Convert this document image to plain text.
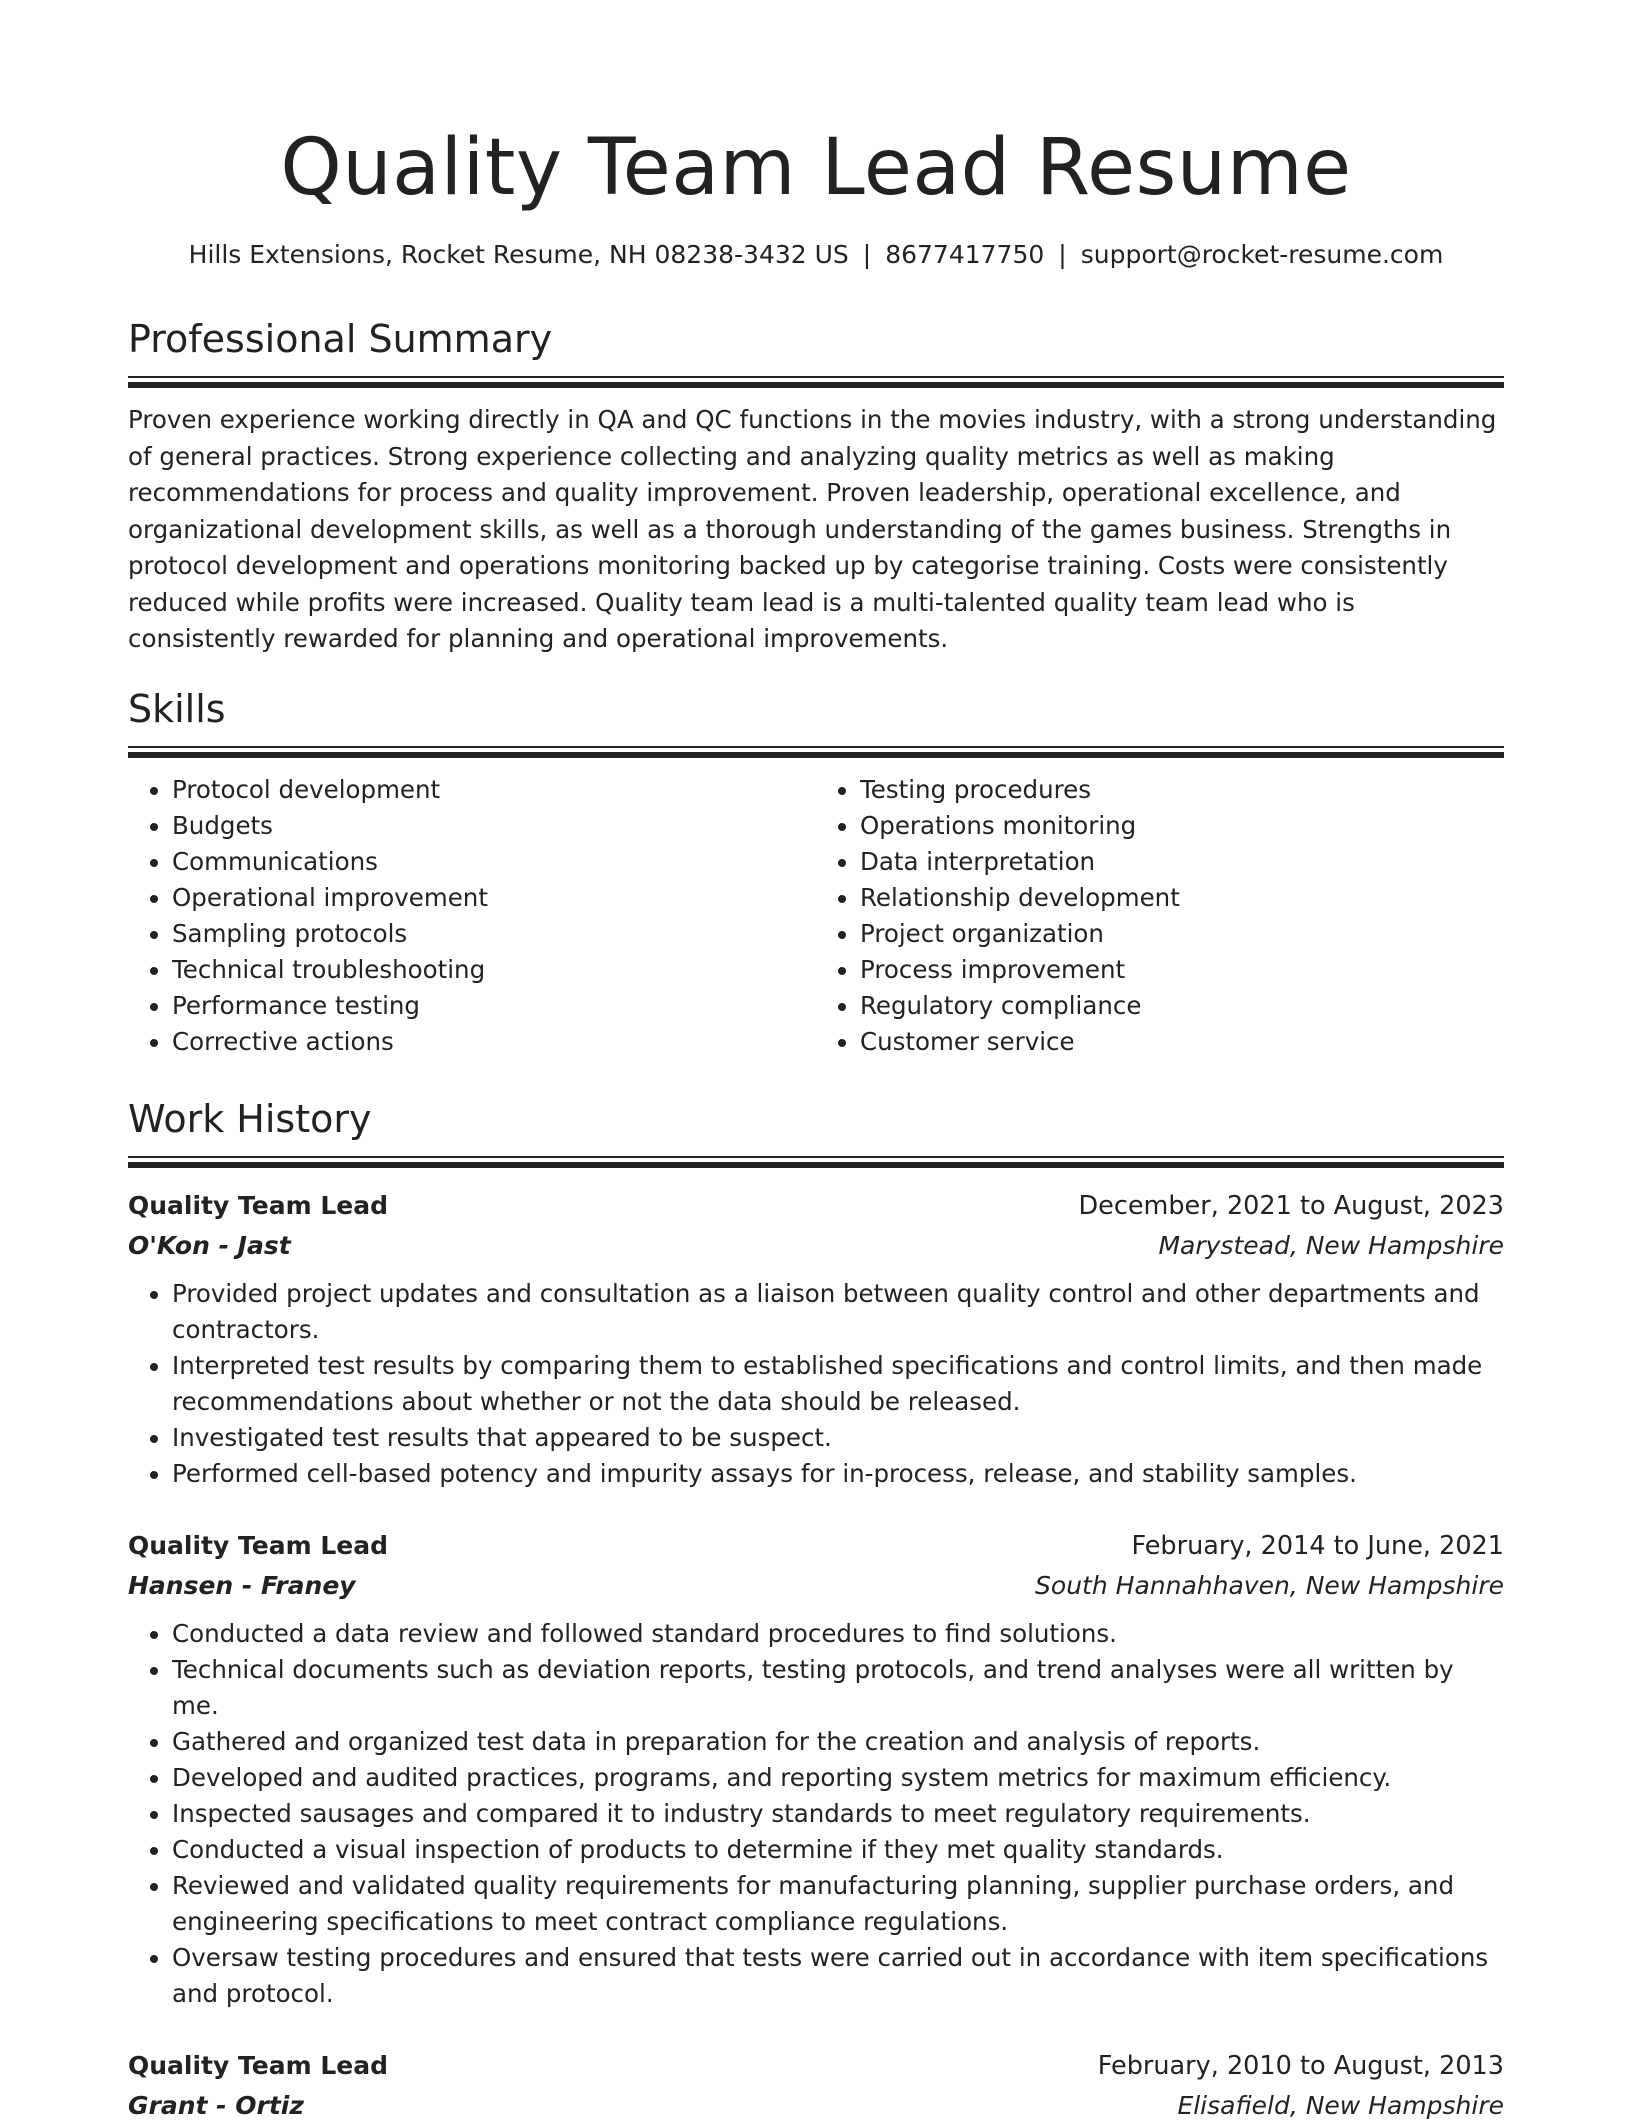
Quality Team Lead Resume
Hills Extensions, Rocket Resume, NH 08238-3432 US | 8677417750 | support@rocket-resume.com
Professional Summary

Proven experience working directly in QA and QC functions in the movies industry, with a strong understanding of general practices. Strong experience collecting and analyzing quality metrics as well as making recommendations for process and quality improvement. Proven leadership, operational excellence, and organizational development skills, as well as a thorough understanding of the games business. Strengths in protocol development and operations monitoring backed up by categorise training. Costs were consistently reduced while profits were increased. Quality team lead is a multi-talented quality team lead who is consistently rewarded for planning and operational improvements.

Skills
• Protocol development
• Budgets
• Communications
• Operational improvement
• Sampling protocols
• Technical troubleshooting
• Performance testing
• Corrective actions
• Testing procedures
• Operations monitoring
• Data interpretation
• Relationship development
• Project organization
• Process improvement
• Regulatory compliance
• Customer service
Work History
Quality Team Lead	December, 2021 to August, 2023
O'Kon - Jast	Marystead, New Hampshire
• Provided project updates and consultation as a liaison between quality control and other departments and contractors.
• Interpreted test results by comparing them to established specifications and control limits, and then made recommendations about whether or not the data should be released.
• Investigated test results that appeared to be suspect.
• Performed cell-based potency and impurity assays for in-process, release, and stability samples.
Quality Team Lead	February, 2014 to June, 2021
Hansen - Franey	South Hannahhaven, New Hampshire
• Conducted a data review and followed standard procedures to find solutions.
• Technical documents such as deviation reports, testing protocols, and trend analyses were all written by me.
• Gathered and organized test data in preparation for the creation and analysis of reports.
• Developed and audited practices, programs, and reporting system metrics for maximum efficiency.
• Inspected sausages and compared it to industry standards to meet regulatory requirements.
• Conducted a visual inspection of products to determine if they met quality standards.
• Reviewed and validated quality requirements for manufacturing planning, supplier purchase orders, and engineering specifications to meet contract compliance regulations.
• Oversaw testing procedures and ensured that tests were carried out in accordance with item specifications and protocol.
Quality Team Lead	February, 2010 to August, 2013
Grant - Ortiz	Elisafield, New Hampshire
